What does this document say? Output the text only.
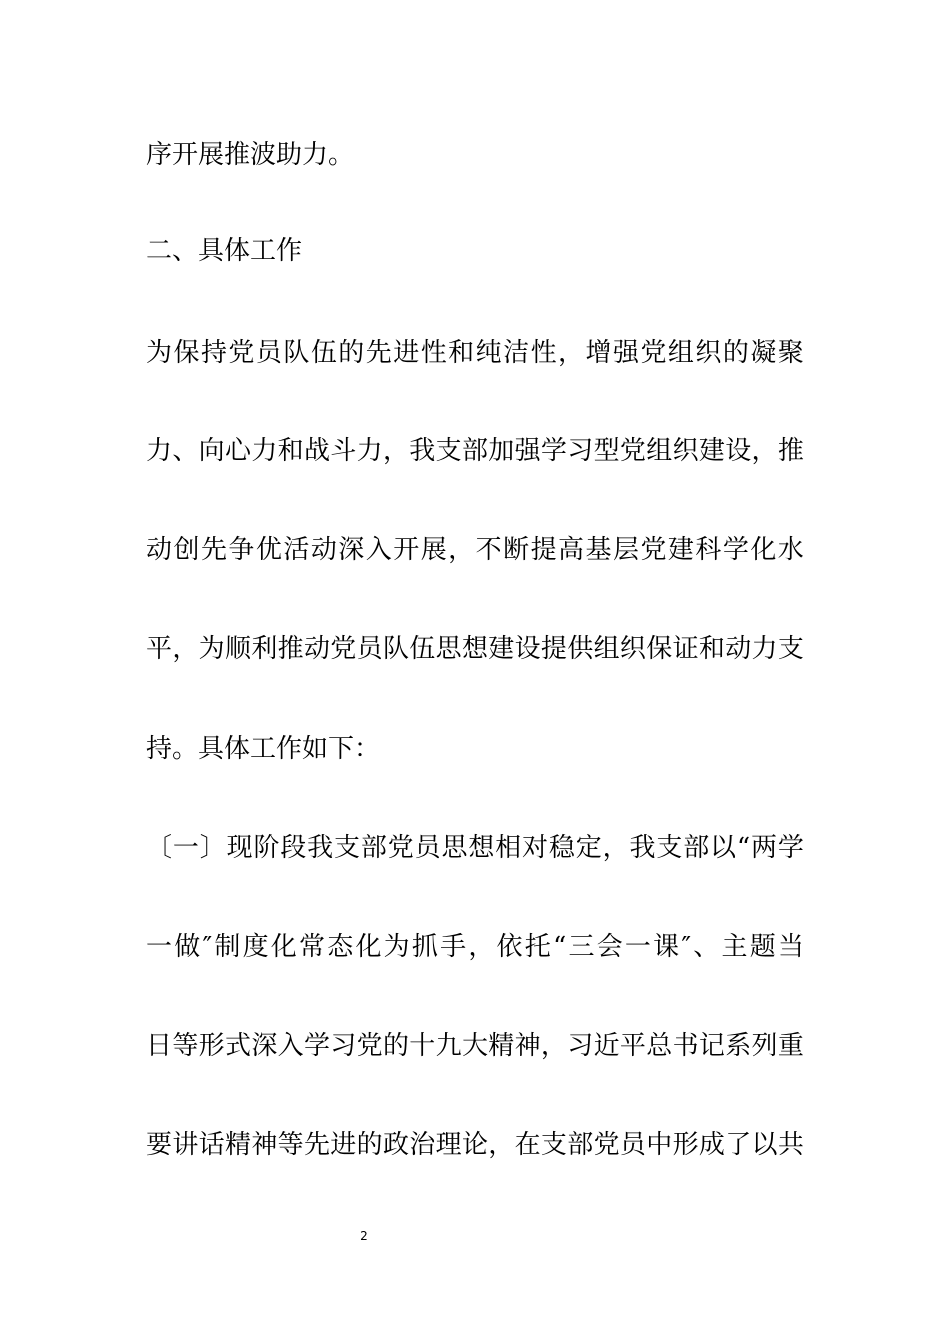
序开展推波助力。
二、具体工作
为 保 持 党 员 队 伍 的 先 进 性 和 纯 洁 性 ， 增 强 党 组 织 的 凝 聚
力 、 向 心 力 和 战 斗 力 ， 我 支 部 加 强 学 习 型 党 组 织 建 设 ， 推
动 创 先 争 优 活 动 深 入 开 展 ， 不 断 提 高 基 层 党 建 科 学 化 水
平 ， 为 顺 利 推 动 党 员 队 伍 思 想 建 设 提 供 组 织 保 证 和 动 力 支
持。具体工作如下：
〔 一 〕 现 阶 段 我 支 部 党 员 思 想 相 对 稳 定 ， 我 支 部 以 “ 两 学
一 做 ″ 制 度 化 常 态 化 为 抓 手 ， 依 托 “ 三 会 一 课 ″ 、 主 题 当
日 等 形 式 深 入 学 习 党 的 十 九 大 精 神 ， 习 近 平 总 书 记 系 列 重
要 讲 话 精 神 等 先 进 的 政 治 理 论 ， 在 支 部 党 员 中 形 成 了 以 共
2
